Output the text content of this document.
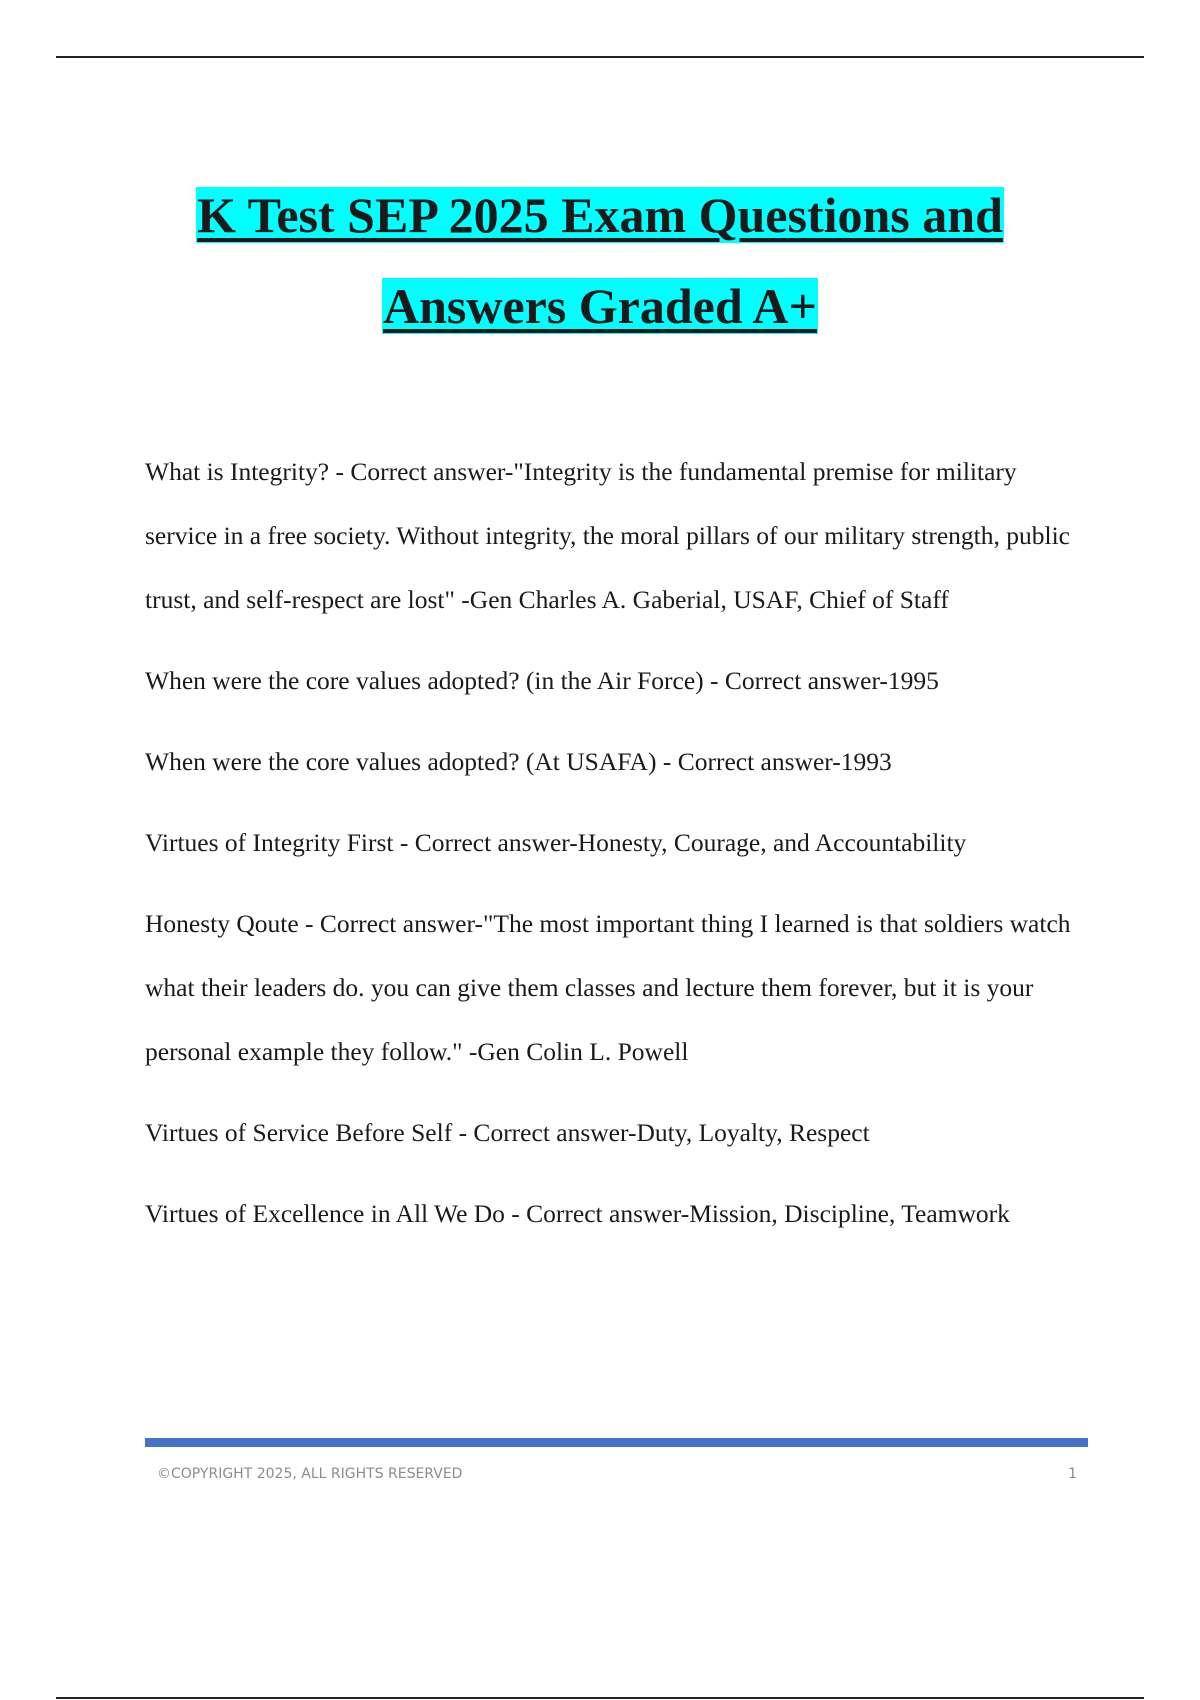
K Test SEP 2025 Exam Questions and
Answers Graded A+

What is Integrity? - Correct answer-"Integrity is the fundamental premise for military service in a free society. Without integrity, the moral pillars of our military strength, public trust, and self-respect are lost" -Gen Charles A. Gaberial, USAF, Chief of Staff

When were the core values adopted? (in the Air Force) - Correct answer-1995

When were the core values adopted? (At USAFA) - Correct answer-1993

Virtues of Integrity First - Correct answer-Honesty, Courage, and Accountability

Honesty Qoute - Correct answer-"The most important thing I learned is that soldiers watch what their leaders do. you can give them classes and lecture them forever, but it is your personal example they follow." -Gen Colin L. Powell

Virtues of Service Before Self - Correct answer-Duty, Loyalty, Respect

Virtues of Excellence in All We Do - Correct answer-Mission, Discipline, Teamwork

©COPYRIGHT 2025, ALL RIGHTS RESERVED	1
